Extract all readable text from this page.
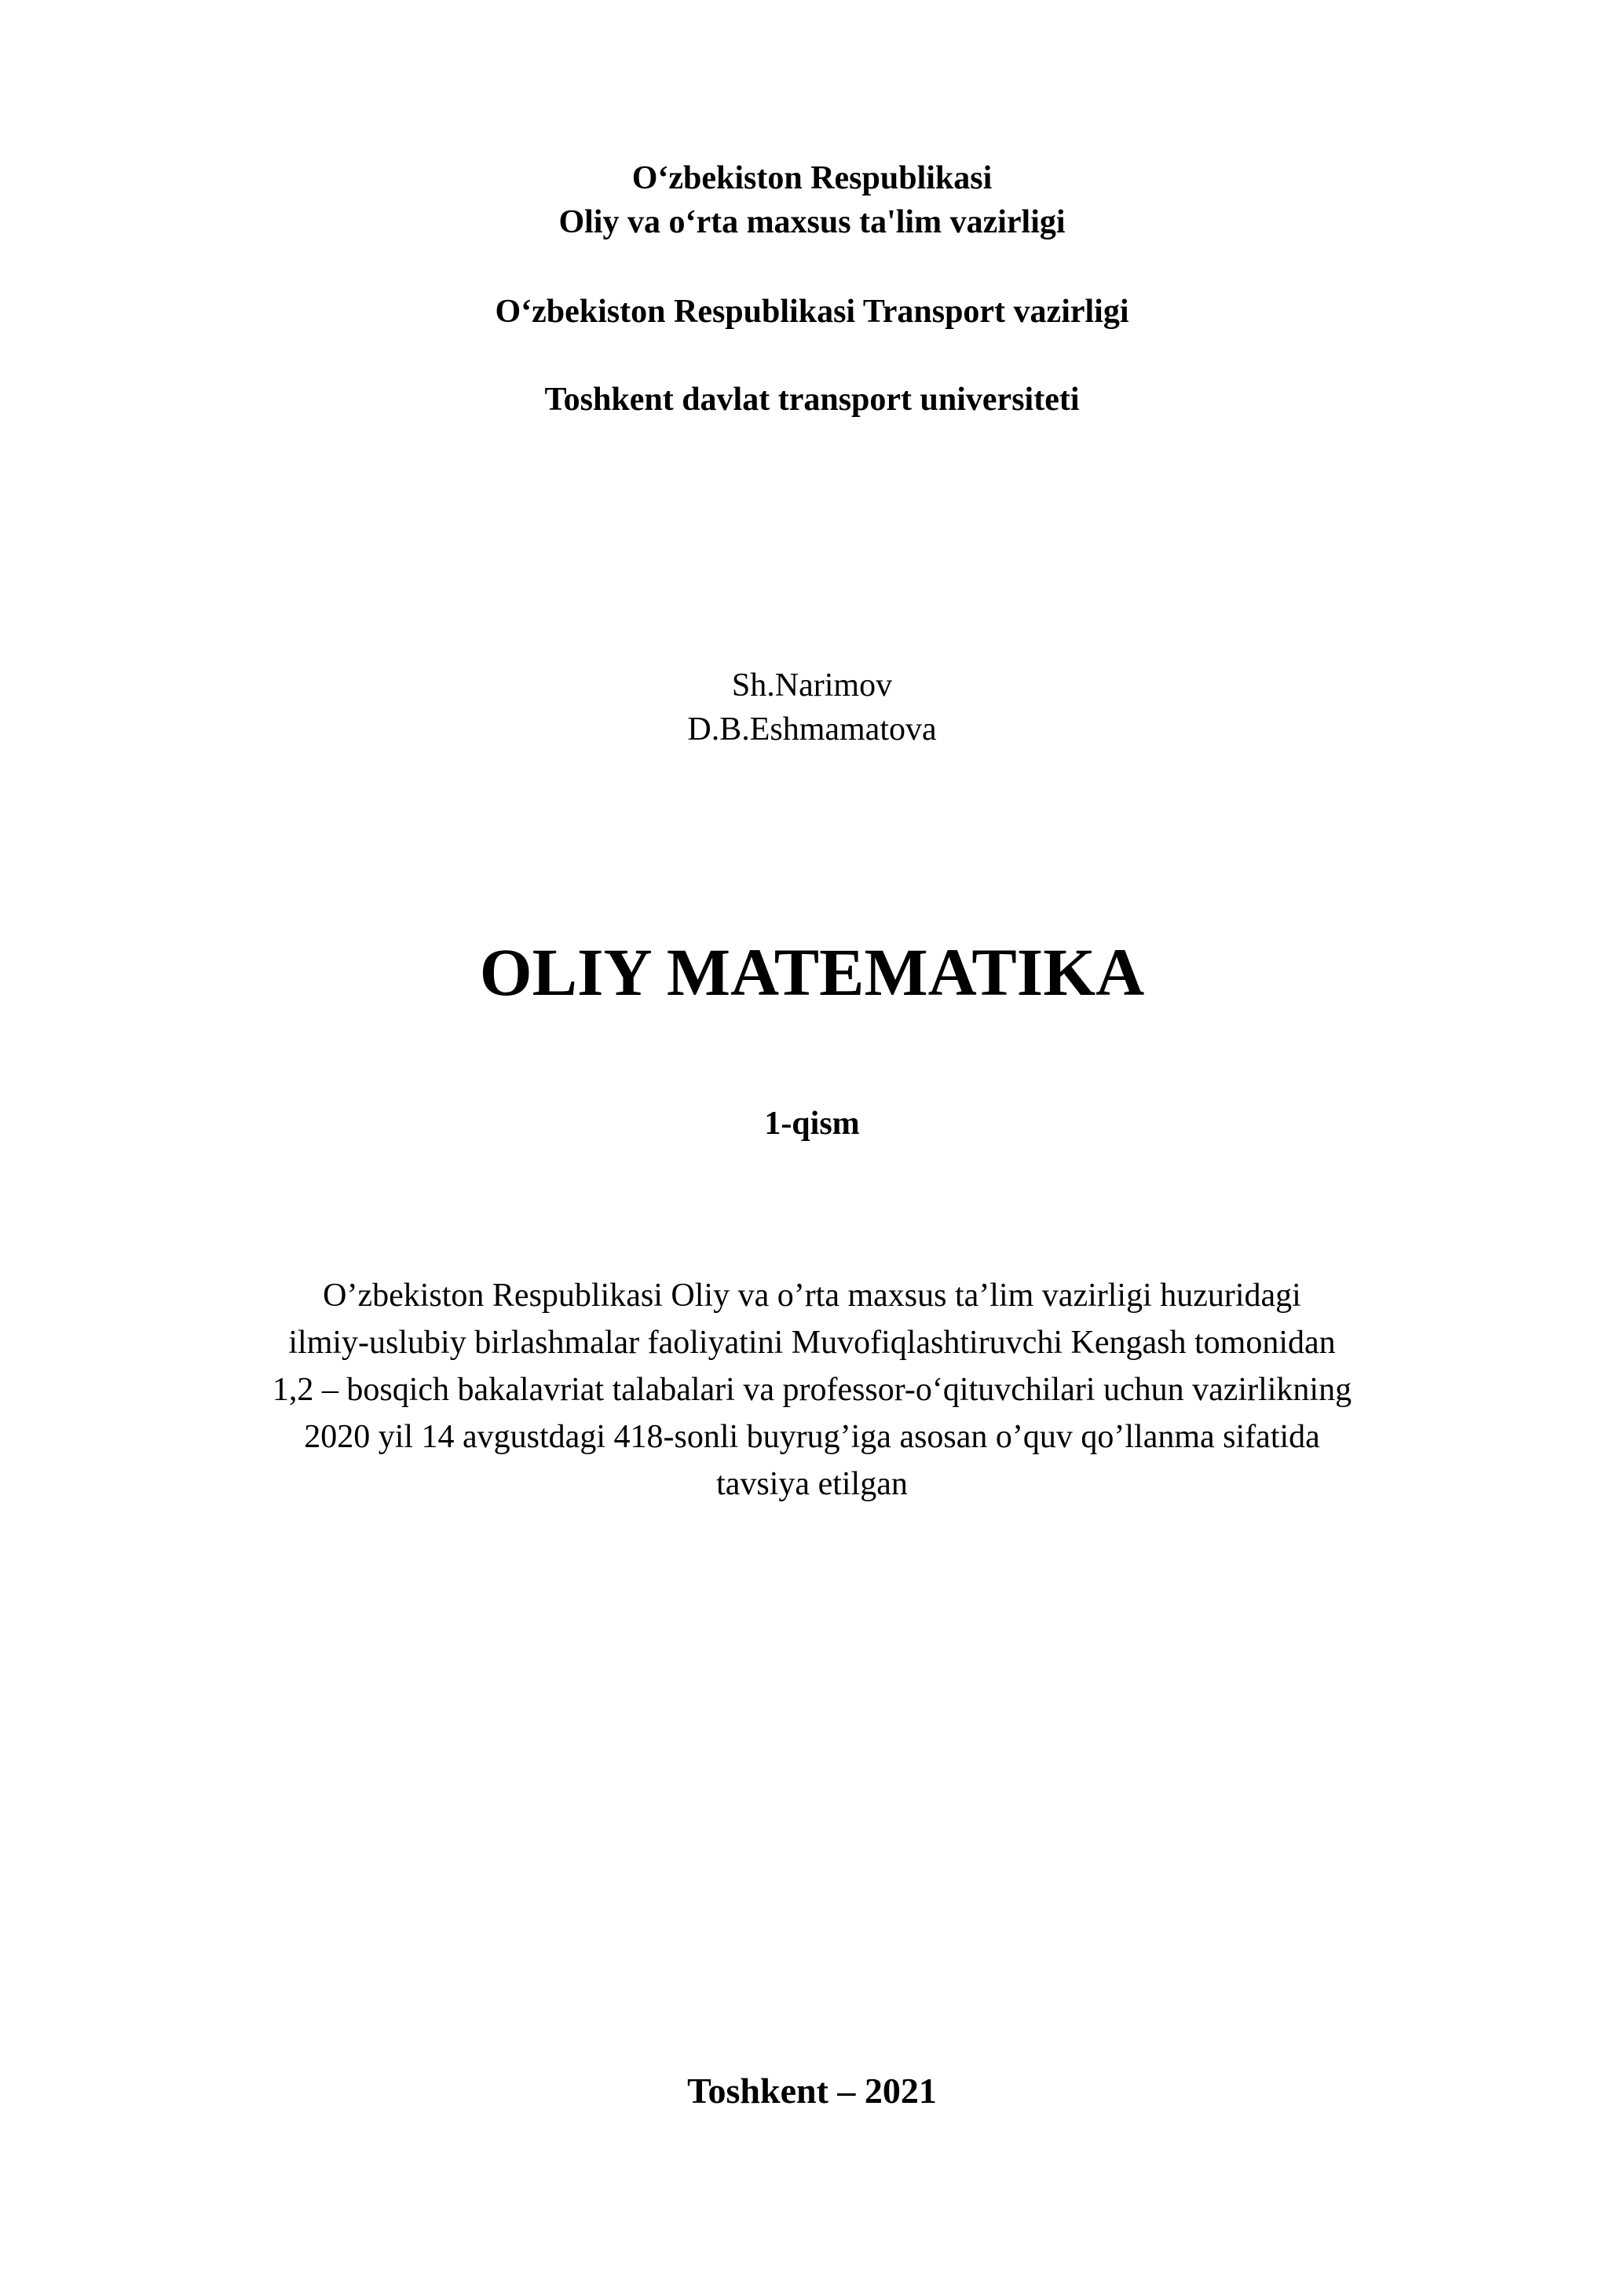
O‘zbekiston Respublikasi
Oliy va o‘rta maxsus ta'lim vazirligi
O‘zbekiston Respublikasi Transport vazirligi
Toshkent davlat transport universiteti
Sh.Narimov
D.B.Eshmamatova
OLIY MATEMATIKA
1-qism
O’zbekiston Respublikasi Oliy va o’rta maxsus ta’lim vazirligi huzuridagi
ilmiy-uslubiy birlashmalar faoliyatini Muvofiqlashtiruvchi Kengash tomonidan
1,2 – bosqich bakalavriat talabalari va professor-o‘qituvchilari uchun vazirlikning
2020 yil 14 avgustdagi 418-sonli buyrug’iga asosan o’quv qo’llanma sifatida
tavsiya etilgan
Toshkent – 2021
